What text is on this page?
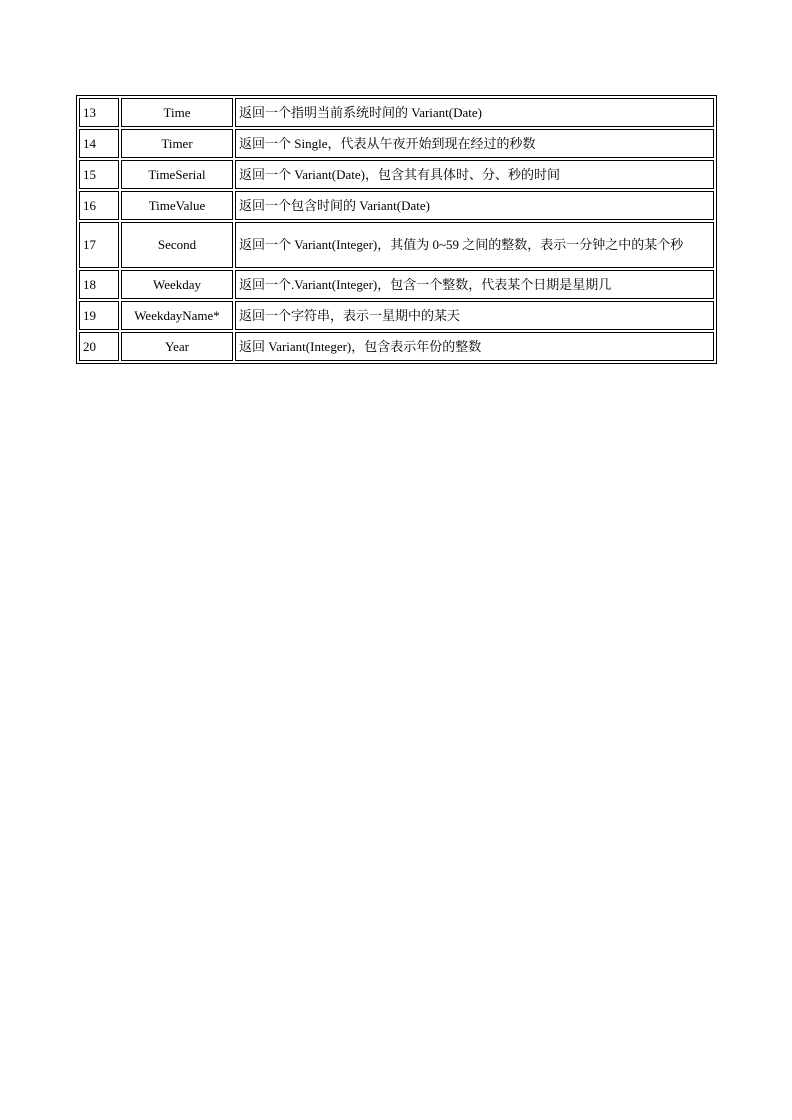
13	Time	返回一个指明当前系统时间的 Variant(Date)
14	Timer	返回一个 Single，代表从午夜开始到现在经过的秒数
15	TimeSerial	返回一个 Variant(Date)，包含其有具体时、分、秒的时间
16	TimeValue	返回一个包含时间的 Variant(Date)
17	Second	返回一个 Variant(Integer)，其值为 0~59 之间的整数，表示一分钟之中的某个秒
18	Weekday	返回一个.Variant(Integer)，包含一个整数，代表某个日期是星期几
19	WeekdayName*	返回一个字符串，表示一星期中的某天
20	Year	返回 Variant(Integer)，包含表示年份的整数
